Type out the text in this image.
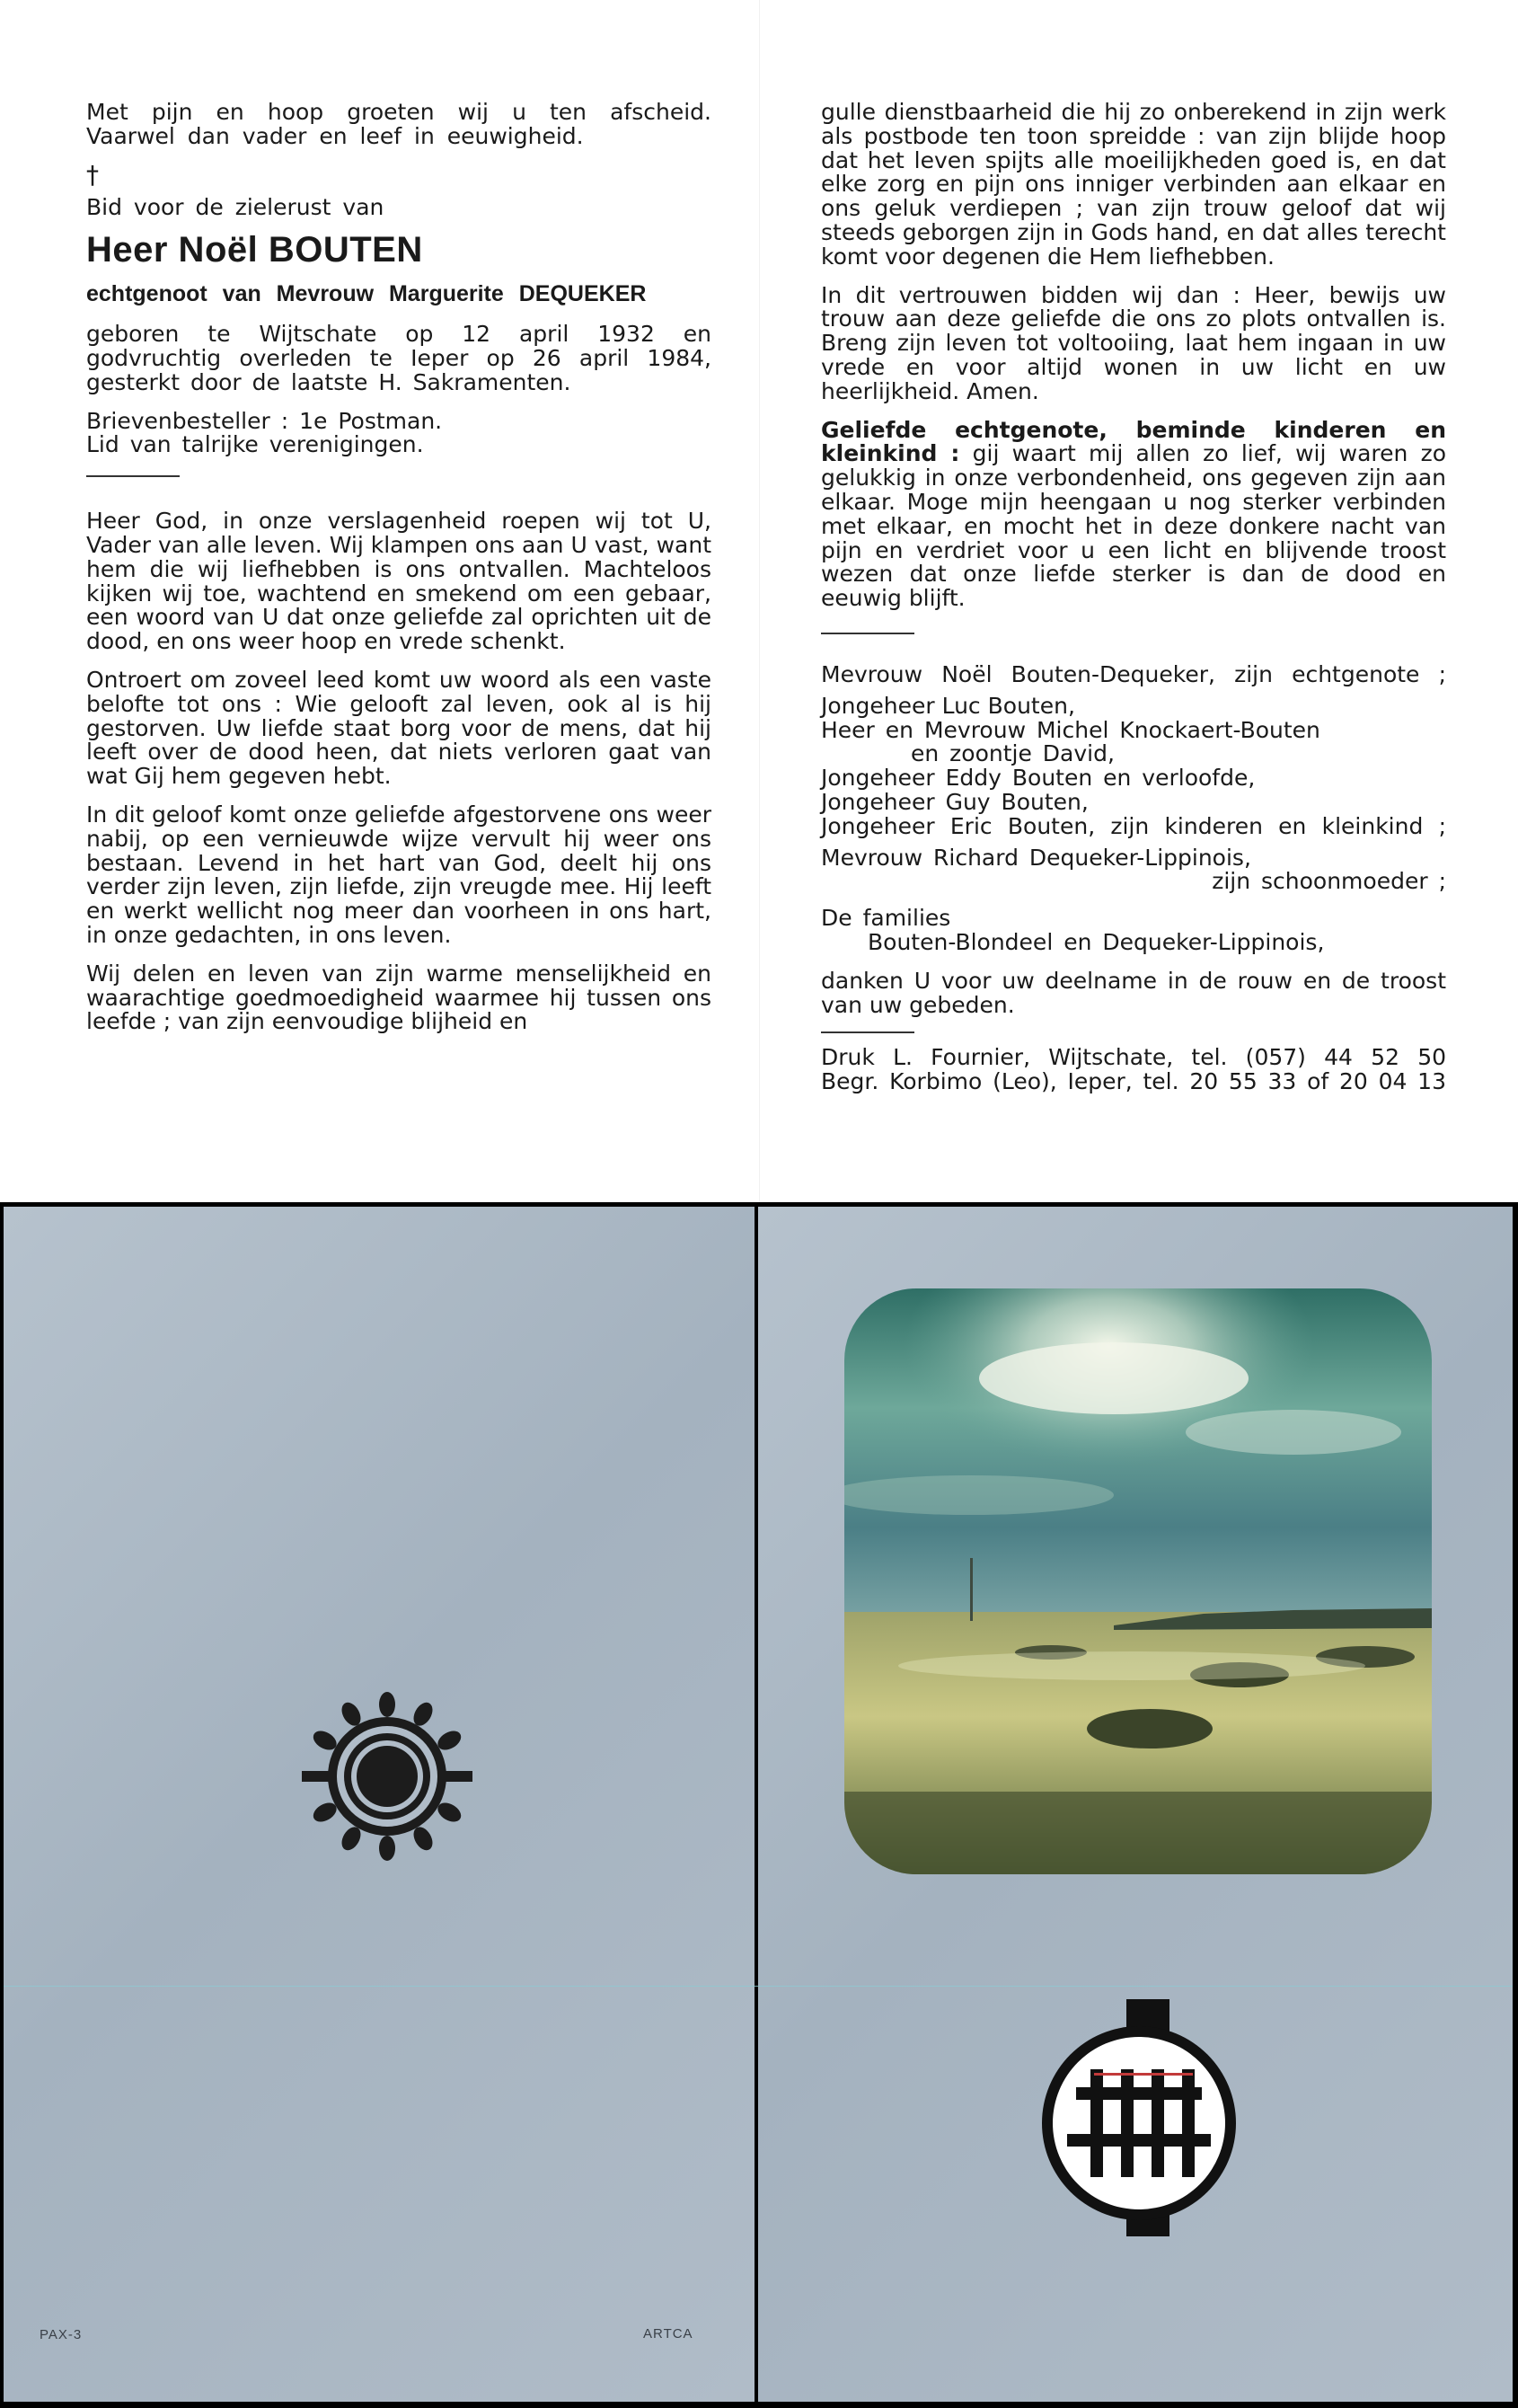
Met pijn en hoop groeten wij u ten afscheid.
Vaarwel dan vader en leef in eeuwigheid.
†
Bid voor de zielerust van
Heer Noël BOUTEN
echtgenoot van Mevrouw Marguerite DEQUEKER
geboren te Wijtschate op 12 april 1932 en
godvruchtig overleden te Ieper op 26 april 1984,
gesterkt door de laatste H. Sakramenten.
Brievenbesteller : 1e Postman.
Lid van talrijke verenigingen.

Heer God, in onze verslagenheid roepen wij tot U, Vader van alle leven. Wij klampen ons aan U vast, want hem die wij liefhebben is ons ontvallen. Machteloos kijken wij toe, wachtend en smekend om een gebaar, een woord van U dat onze geliefde zal oprichten uit de dood, en ons weer hoop en vrede schenkt.

Ontroert om zoveel leed komt uw woord als een vaste belofte tot ons : Wie gelooft zal leven, ook al is hij gestorven. Uw liefde staat borg voor de mens, dat hij leeft over de dood heen, dat niets verloren gaat van wat Gij hem gegeven hebt.

In dit geloof komt onze geliefde afgestorvene ons weer nabij, op een vernieuwde wijze vervult hij weer ons bestaan. Levend in het hart van God, deelt hij ons verder zijn leven, zijn liefde, zijn vreugde mee. Hij leeft en werkt wellicht nog meer dan voorheen in ons hart, in onze gedachten, in ons leven.

Wij delen en leven van zijn warme menselijkheid en waarachtige goedmoedigheid waarmee hij tussen ons leefde ; van zijn eenvoudige blijheid en

gulle dienstbaarheid die hij zo onberekend in zijn werk als postbode ten toon spreidde : van zijn blijde hoop dat het leven spijts alle moeilijkheden goed is, en dat elke zorg en pijn ons inniger verbinden aan elkaar en ons geluk verdiepen ; van zijn trouw geloof dat wij steeds geborgen zijn in Gods hand, en dat alles terecht komt voor degenen die Hem liefhebben.

In dit vertrouwen bidden wij dan : Heer, bewijs uw trouw aan deze geliefde die ons zo plots ontvallen is. Breng zijn leven tot voltooiing, laat hem ingaan in uw vrede en voor altijd wonen in uw licht en uw heerlijkheid. Amen.

Geliefde echtgenote, beminde kinderen en kleinkind : gij waart mij allen zo lief, wij waren zo gelukkig in onze verbondenheid, ons gegeven zijn aan elkaar. Moge mijn heengaan u nog sterker verbinden met elkaar, en mocht het in deze donkere nacht van pijn en verdriet voor u een licht en blijvende troost wezen dat onze liefde sterker is dan de dood en eeuwig blijft.

Mevrouw Noël Bouten-Dequeker, zijn echtgenote ;
Jongeheer Luc Bouten,
Heer en Mevrouw Michel Knockaert-Bouten
en zoontje David,
Jongeheer Eddy Bouten en verloofde,
Jongeheer Guy Bouten,
Jongeheer Eric Bouten, zijn kinderen en kleinkind ;
Mevrouw Richard Dequeker-Lippinois,
zijn schoonmoeder ;
De families
Bouten-Blondeel en Dequeker-Lippinois,

danken U voor uw deelname in de rouw en de troost van uw gebeden.

Druk L. Fournier, Wijtschate, tel. (057) 44 52 50
Begr. Korbimo (Leo), Ieper, tel. 20 55 33 of 20 04 13
PAX-3	ARTCA
